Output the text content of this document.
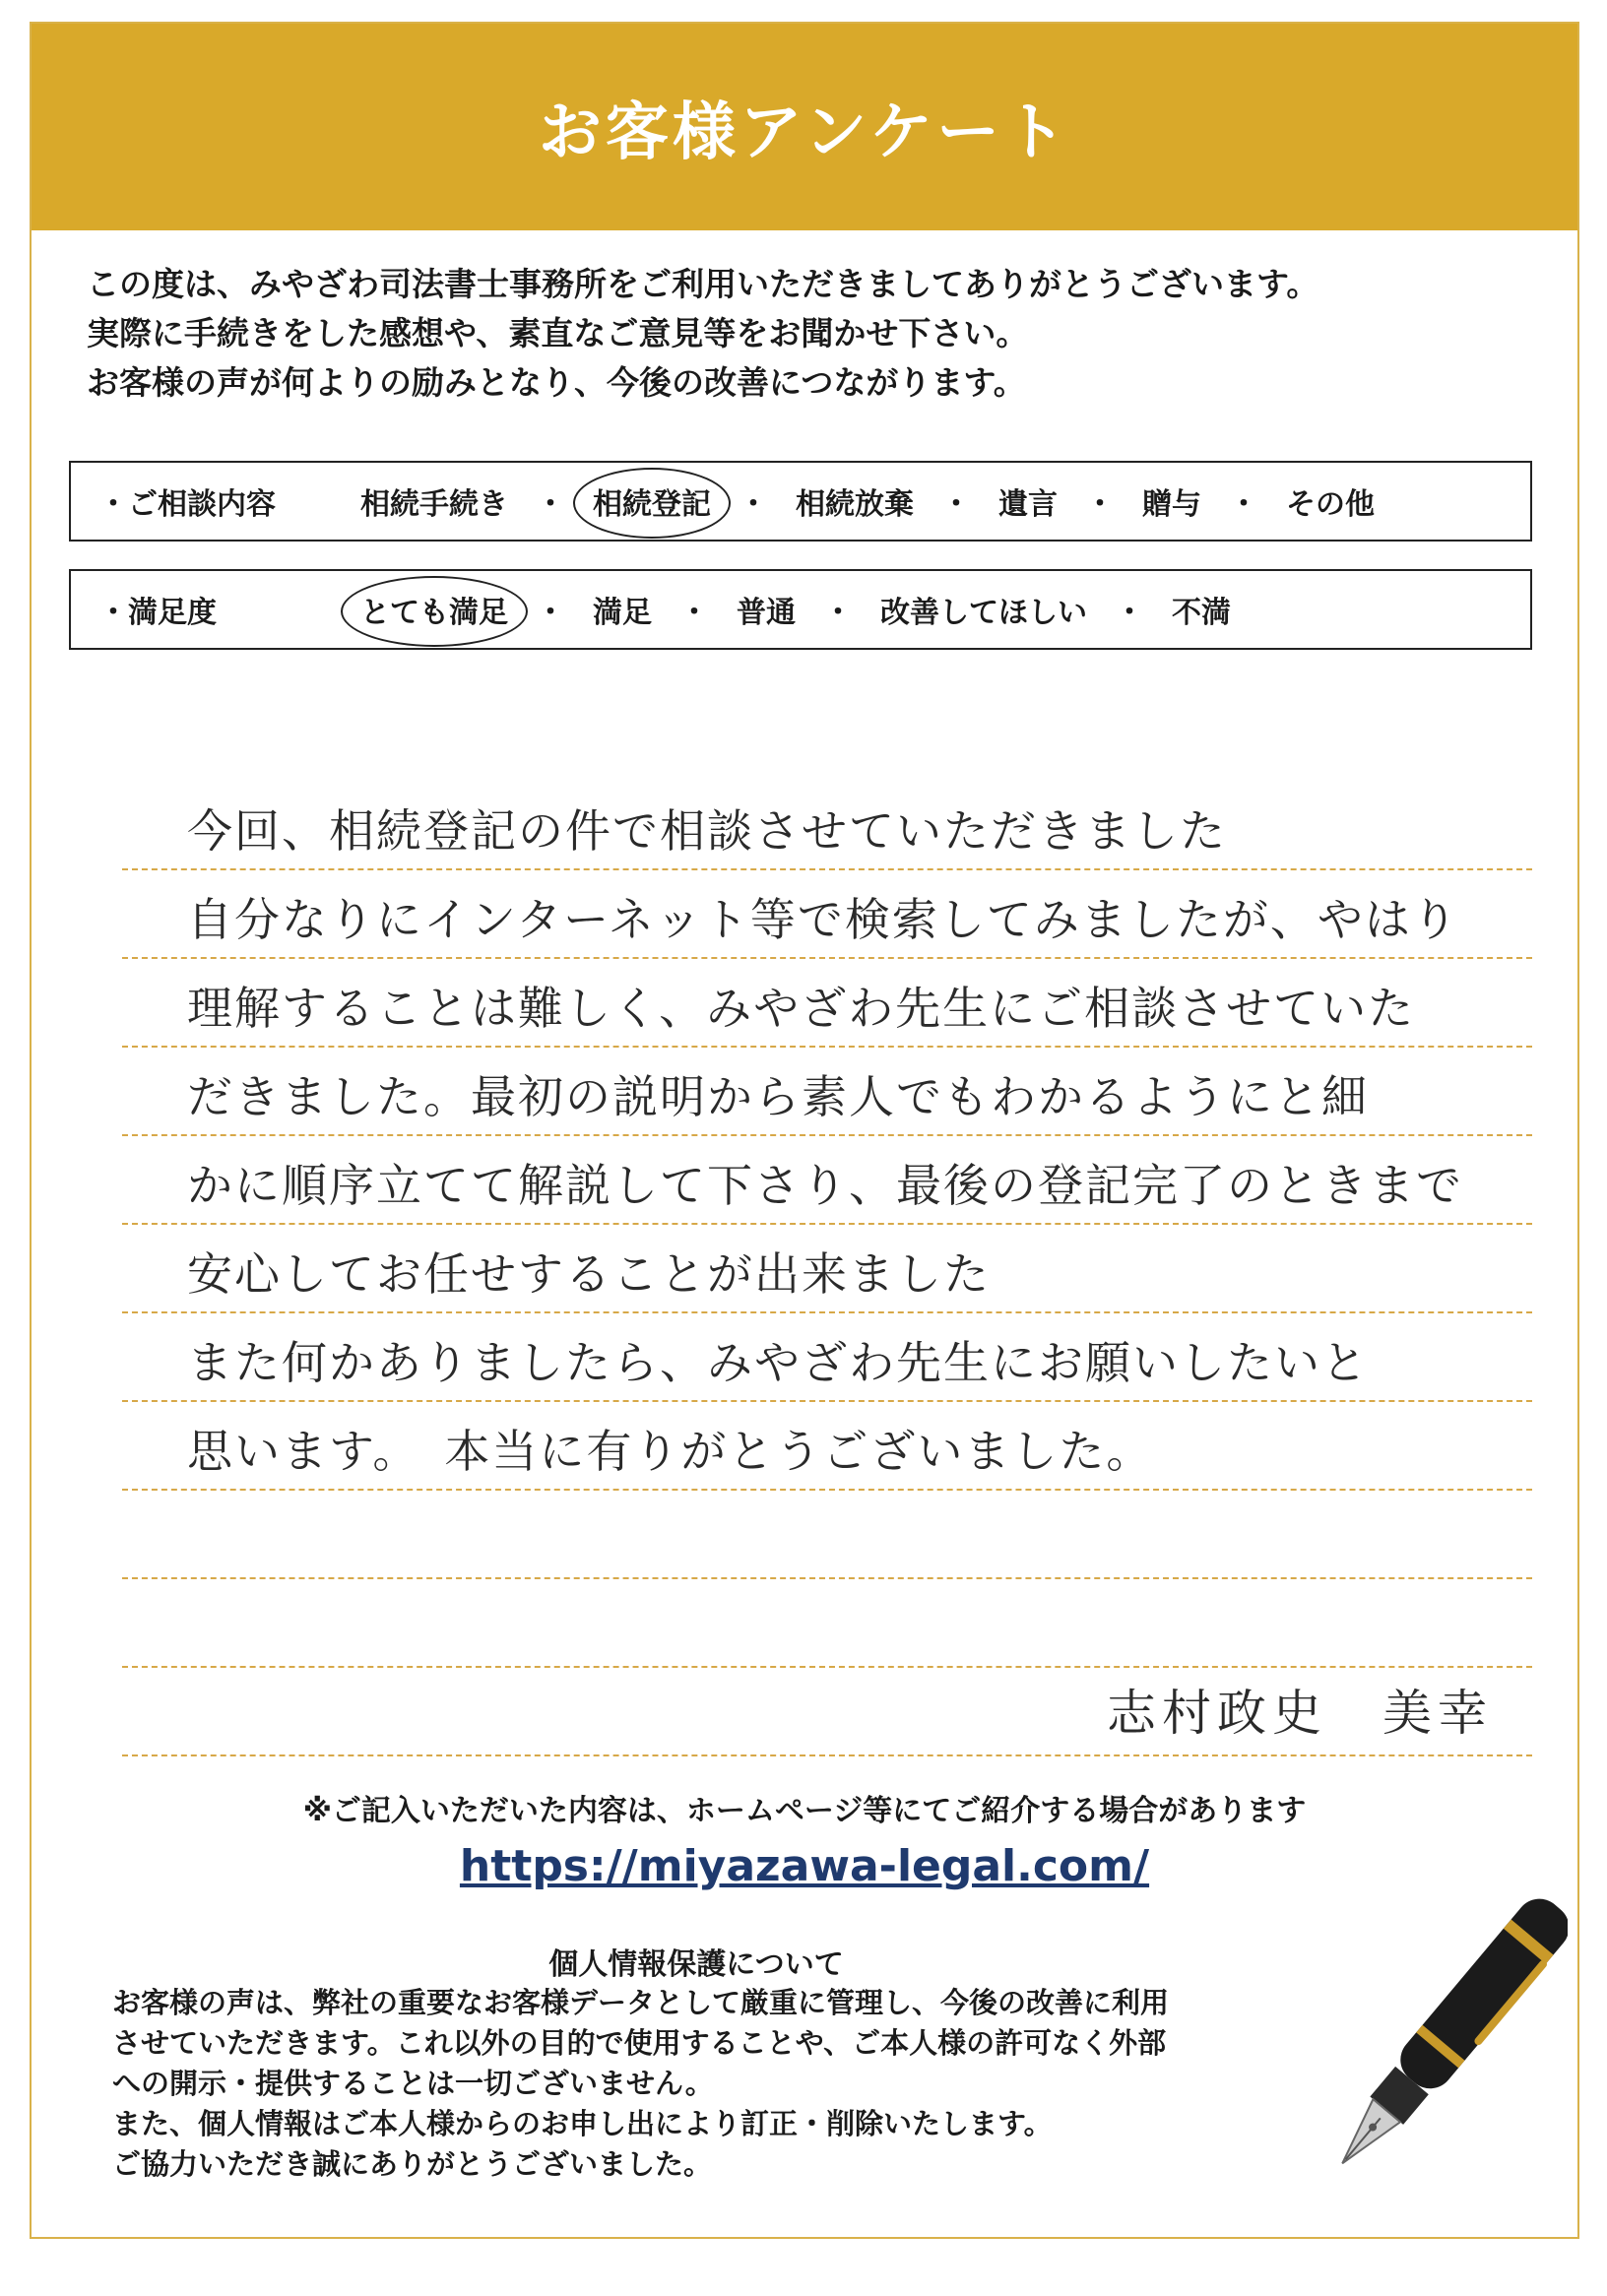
お客様アンケート
この度は、みやざわ司法書士事務所をご利用いただきましてありがとうございます。
実際に手続きをした感想や、素直なご意見等をお聞かせ下さい。
お客様の声が何よりの励みとなり、今後の改善につながります。
・ご相談内容	相続手続き ・ 相続登記 ・ 相続放棄 ・ 遺言 ・ 贈与 ・ その他
・満足度	とても満足 ・ 満足 ・ 普通 ・ 改善してほしい ・ 不満
今回、相続登記の件で相談させていただきました
自分なりにインターネット等で検索してみましたが、やはり
理解することは難しく、みやざわ先生にご相談させていた
だきました。最初の説明から素人でもわかるようにと細
かに順序立てて解説して下さり、最後の登記完了のときまで
安心してお任せすることが出来ました
また何かありましたら、みやざわ先生にお願いしたいと
思います。　本当に有りがとうございました。
志村政史　美幸
※ご記入いただいた内容は、ホームページ等にてご紹介する場合があります
https://miyazawa-legal.com/
個人情報保護について
お客様の声は、弊社の重要なお客様データとして厳重に管理し、今後の改善に利用
させていただきます。これ以外の目的で使用することや、ご本人様の許可なく外部
への開示・提供することは一切ございません。
また、個人情報はご本人様からのお申し出により訂正・削除いたします。
ご協力いただき誠にありがとうございました。
